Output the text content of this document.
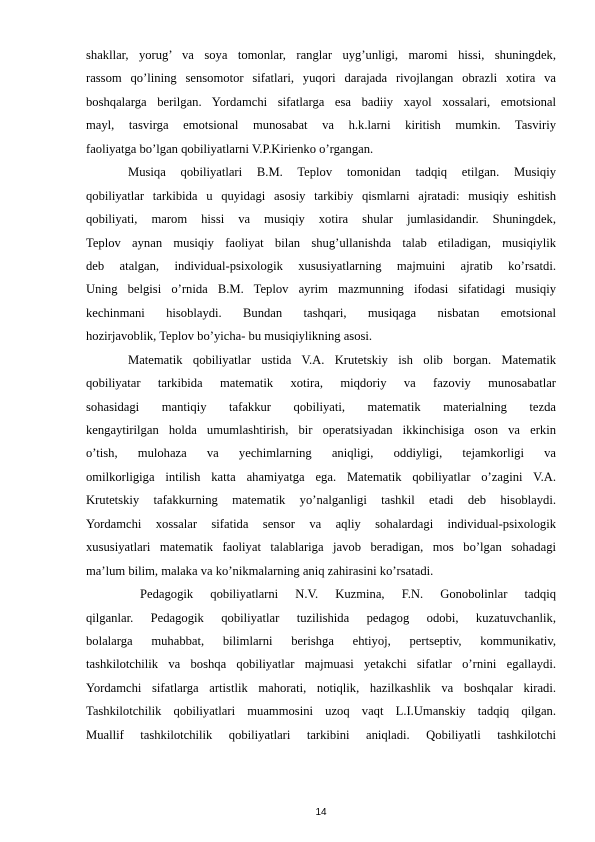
shakllar, yorug’ va soya tomonlar, ranglar uyg’unligi, maromi hissi, shuningdek,
rassom qoʼlining sensomotor sifatlari, yuqori darajada rivojlangan obrazli xotira va
boshqalarga berilgan. Yordamchi sifatlarga esa badiiy xayol xossalari, emotsional
mayl, tasvirga emotsional munosabat va h.k.larni kiritish mumkin. Tasviriy
faoliyatga boʼlgan qobiliyatlarni V.P.Kirienko oʼrgangan.
Musiqa qobiliyatlari B.M. Teplov tomonidan tadqiq etilgan. Musiqiy
qobiliyatlar tarkibida u quyidagi asosiy tarkibiy qismlarni ajratadi: musiqiy eshitish
qobiliyati, marom hissi va musiqiy xotira shular jumlasidandir. Shuningdek,
Teplov aynan musiqiy faoliyat bilan shug’ullanishda talab etiladigan, musiqiylik
deb atalgan, individual-psixologik xususiyatlarning majmuini ajratib ko’rsatdi.
Uning belgisi o’rnida B.M. Teplov ayrim mazmunning ifodasi sifatidagi musiqiy
kechinmani hisoblaydi. Bundan tashqari, musiqaga nisbatan emotsional
hozirjavoblik, Teplov bo’yicha- bu musiqiylikning asosi.
Matematik qobiliyatlar ustida V.A. Krutetskiy ish olib borgan. Matematik
qobiliyatar tarkibida matematik xotira, miqdoriy va fazoviy munosabatlar
sohasidagi mantiqiy tafakkur qobiliyati, matematik materialning tezda
kengaytirilgan holda umumlashtirish, bir operatsiyadan ikkinchisiga oson va erkin
o’tish, mulohaza va yechimlarning aniqligi, oddiyligi, tejamkorligi va
omilkorligiga intilish katta ahamiyatga ega. Matematik qobiliyatlar o’zagini V.A.
Krutetskiy tafakkurning matematik yo’nalganligi tashkil etadi deb hisoblaydi.
Yordamchi xossalar sifatida sensor va aqliy sohalardagi individual-psixologik
xususiyatlari matematik faoliyat talablariga javob beradigan, mos boʼlgan sohadagi
ma’lum bilim, malaka va ko’nikmalarning aniq zahirasini ko’rsatadi.
Pedagogik qobiliyatlarni N.V. Kuzmina, F.N. Gonobolinlar tadqiq
qilganlar. Pedagogik qobiliyatlar tuzilishida pedagog odobi, kuzatuvchanlik,
bolalarga muhabbat, bilimlarni berishga ehtiyoj, pertseptiv, kommunikativ,
tashkilotchilik va boshqa qobiliyatlar majmuasi yetakchi sifatlar o’rnini egallaydi.
Yordamchi sifatlarga artistlik mahorati, notiqlik, hazilkashlik va boshqalar kiradi.
Tashkilotchilik qobiliyatlari muammosini uzoq vaqt L.I.Umanskiy tadqiq qilgan.
Muallif tashkilotchilik qobiliyatlari tarkibini aniqladi. Qobiliyatli tashkilotchi
14
